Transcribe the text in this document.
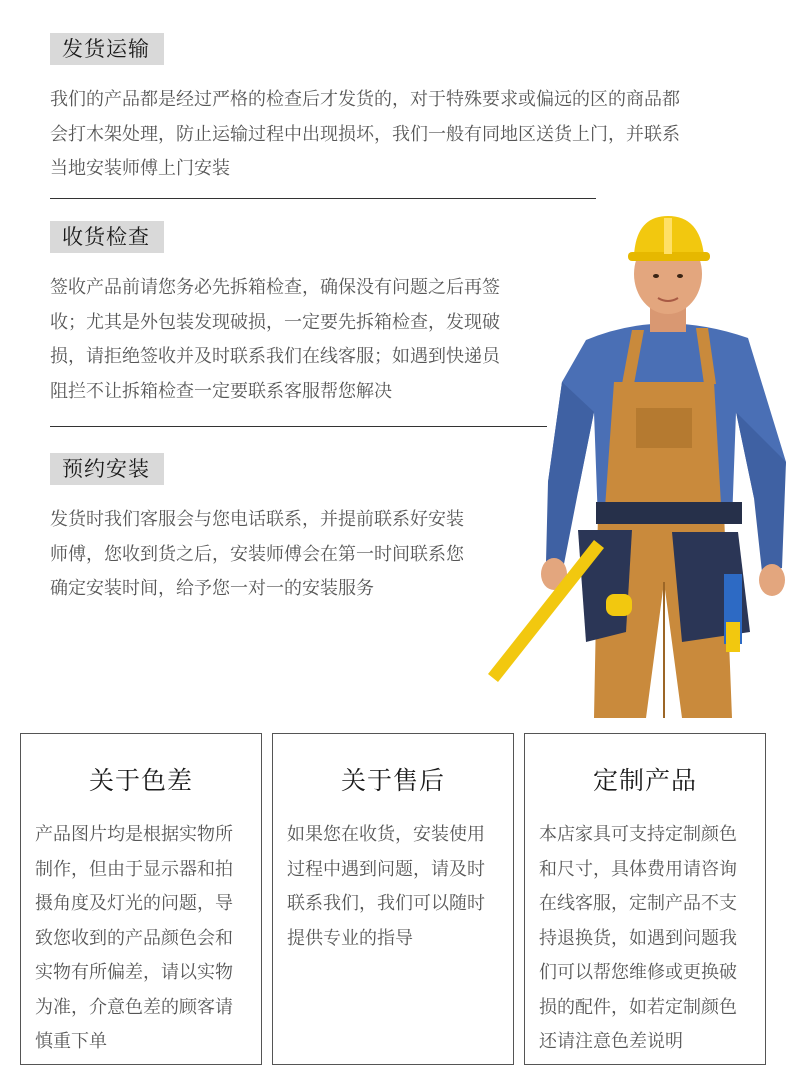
发货运输
我们的产品都是经过严格的检查后才发货的，对于特殊要求或偏远的区的商品都
会打木架处理，防止运输过程中出现损坏，我们一般有同地区送货上门，并联系
当地安装师傅上门安装
收货检查
签收产品前请您务必先拆箱检查，确保没有问题之后再签
收；尤其是外包装发现破损，一定要先拆箱检查，发现破
损，请拒绝签收并及时联系我们在线客服；如遇到快递员
阻拦不让拆箱检查一定要联系客服帮您解决
预约安装
发货时我们客服会与您电话联系，并提前联系好安装
师傅，您收到货之后，安装师傅会在第一时间联系您
确定安装时间，给予您一对一的安装服务
关于色差
产品图片均是根据实物所
制作，但由于显示器和拍
摄角度及灯光的问题，导
致您收到的产品颜色会和
实物有所偏差，请以实物
为准，介意色差的顾客请
慎重下单
关于售后
如果您在收货，安装使用
过程中遇到问题，请及时
联系我们，我们可以随时
提供专业的指导
定制产品
本店家具可支持定制颜色
和尺寸，具体费用请咨询
在线客服，定制产品不支
持退换货，如遇到问题我
们可以帮您维修或更换破
损的配件，如若定制颜色
还请注意色差说明
